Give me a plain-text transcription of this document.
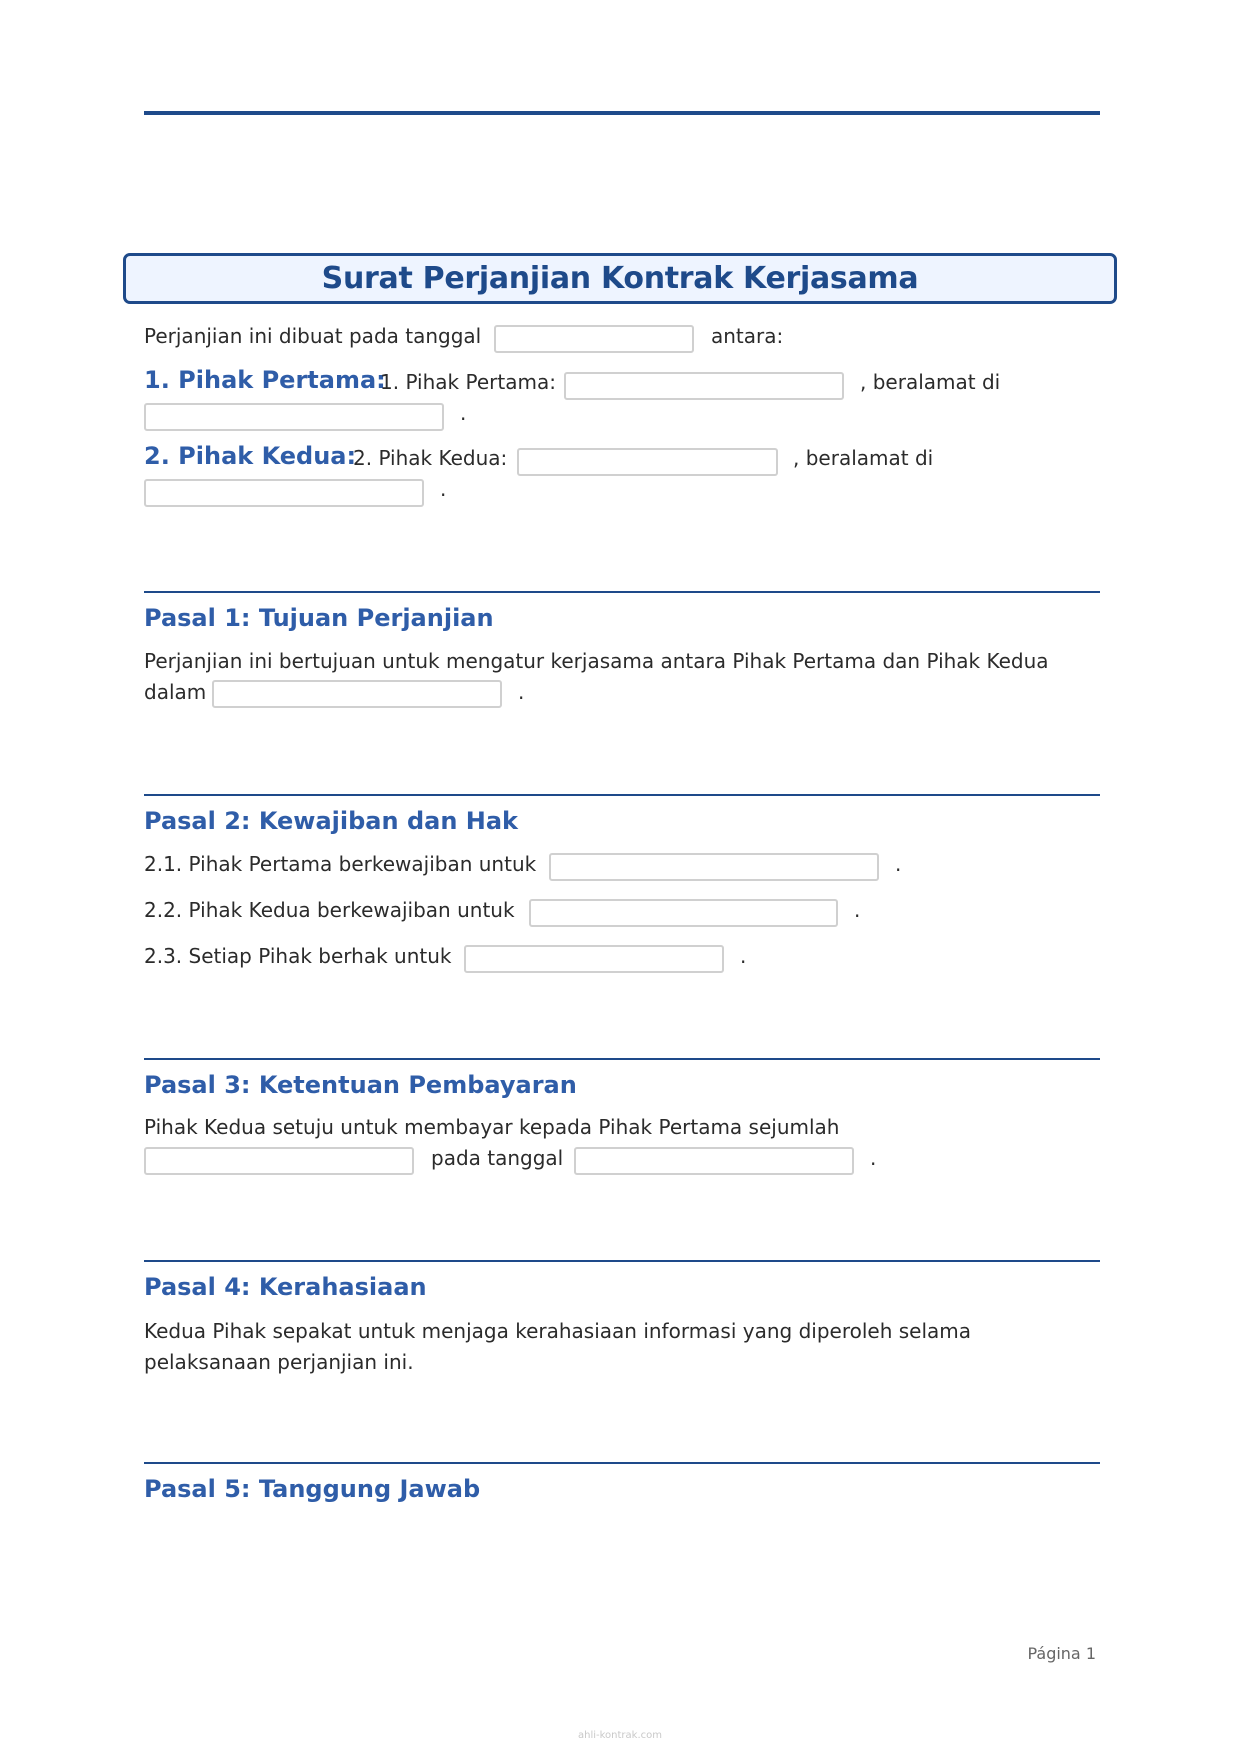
Surat Perjanjian Kontrak Kerjasama
Perjanjian ini dibuat pada tanggal	antara:
1. Pihak Pertama:
1. Pihak Pertama:	, beralamat di
.
2. Pihak Kedua:
2. Pihak Kedua:	, beralamat di
.
Pasal 1: Tujuan Perjanjian
Perjanjian ini bertujuan untuk mengatur kerjasama antara Pihak Pertama dan Pihak Kedua
dalam	.
Pasal 2: Kewajiban dan Hak
2.1. Pihak Pertama berkewajiban untuk	.
2.2. Pihak Kedua berkewajiban untuk	.
2.3. Setiap Pihak berhak untuk	.
Pasal 3: Ketentuan Pembayaran
Pihak Kedua setuju untuk membayar kepada Pihak Pertama sejumlah
pada tanggal	.
Pasal 4: Kerahasiaan
Kedua Pihak sepakat untuk menjaga kerahasiaan informasi yang diperoleh selama pelaksanaan perjanjian ini.
Pasal 5: Tanggung Jawab
Página 1
ahli-kontrak.com
